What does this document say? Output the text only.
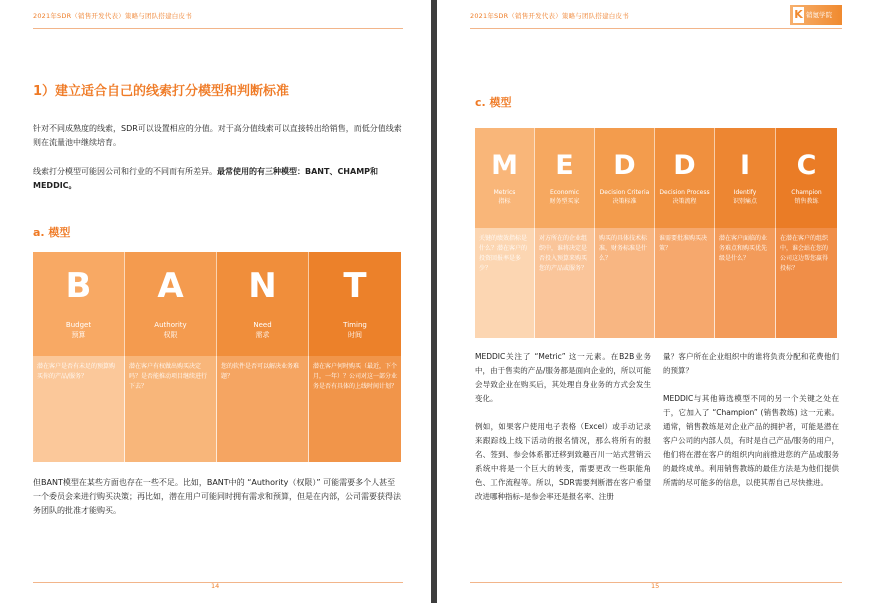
2021年SDR（销售开发代表）策略与团队搭建白皮书
1）建立适合自己的线索打分模型和判断标准
针对不同成熟度的线索，SDR可以设置相应的分值。对于高分值线索可以直接转出给销售，而低分值线索则在流量池中继续培育。
线索打分模型可能因公司和行业的不同而有所差异。最常使用的有三种模型：BANT、CHAMP和MEDDIC。
a. 模型
B
Budget
预算
A
Authority
权限
N
Need
需求
T
Timing
时间
潜在客户是否有未足的预算购买你的产品/服务？
潜在客户有权做出购买决定吗？是否能推动项目继续进行下去？
您的软件是否可以解决业务难题？
潜在客户何时购买（最近，下个月，一年）？公司对这一部分业务是否有具体的上线时间计划？
但BANT模型在某些方面也存在一些不足。比如，BANT中的 “Authority（权限）” 可能需要多个人甚至一个委员会来进行购买决策；再比如，潜在用户可能同时拥有需求和预算，但是在内部，公司需要获得法务团队的批准才能购买。
14
2021年SDR（销售开发代表）策略与团队搭建白皮书	K 销氪学院
c. 模型
M
Metrics
指标
E
Economic
财务型买家
D
Decision Criteria
决策标准
D
Decision Process
决策流程
I
Identify
识别痛点
C
Champion
销售教练
关键的绩效指标是什么？潜在客户的投资回报率是多少？
对方所在的企业组织中，谁将决定是否投入预算来购买您的产品或服务？
购买的具体技术标准、财务标准是什么？
谁需要批准购买决策？
潜在客户面临的业务难点和购买优先级是什么？
在潜在客户的组织中，谁会站在您的公司这边帮您赢得投标？

MEDDIC关注了 “Metric” 这一元素。在B2B业务中，由于售卖的产品/服务都是面向企业的，所以可能会导致企业在购买后，其处理自身业务的方式会发生变化。

例如，如果客户使用电子表格（Excel）或手动记录来跟踪线上线下活动的报名情况，那么将所有的报名、签到、参会体系都迁移到致趣百川一站式营销云系统中将是一个巨大的转变，需要更改一些职能角色、工作流程等。所以，SDR需要判断潜在客户希望改进哪种指标–是参会率还是报名率、注册

量？客户所在企业组织中的谁将负责分配和花费他们的预算？

MEDDIC与其他筛选模型不同的另一个关键之处在于，它加入了 “Champion” (销售教练) 这一元素。通常，销售教练是对企业产品的拥护者，可能是潜在客户公司的内部人员，有时是自己产品/服务的用户，他们将在潜在客户的组织内向前推进您的产品或服务的最终成单。利用销售教练的最佳方法是为他们提供所需的尽可能多的信息，以使其帮自己尽快推进。

15
